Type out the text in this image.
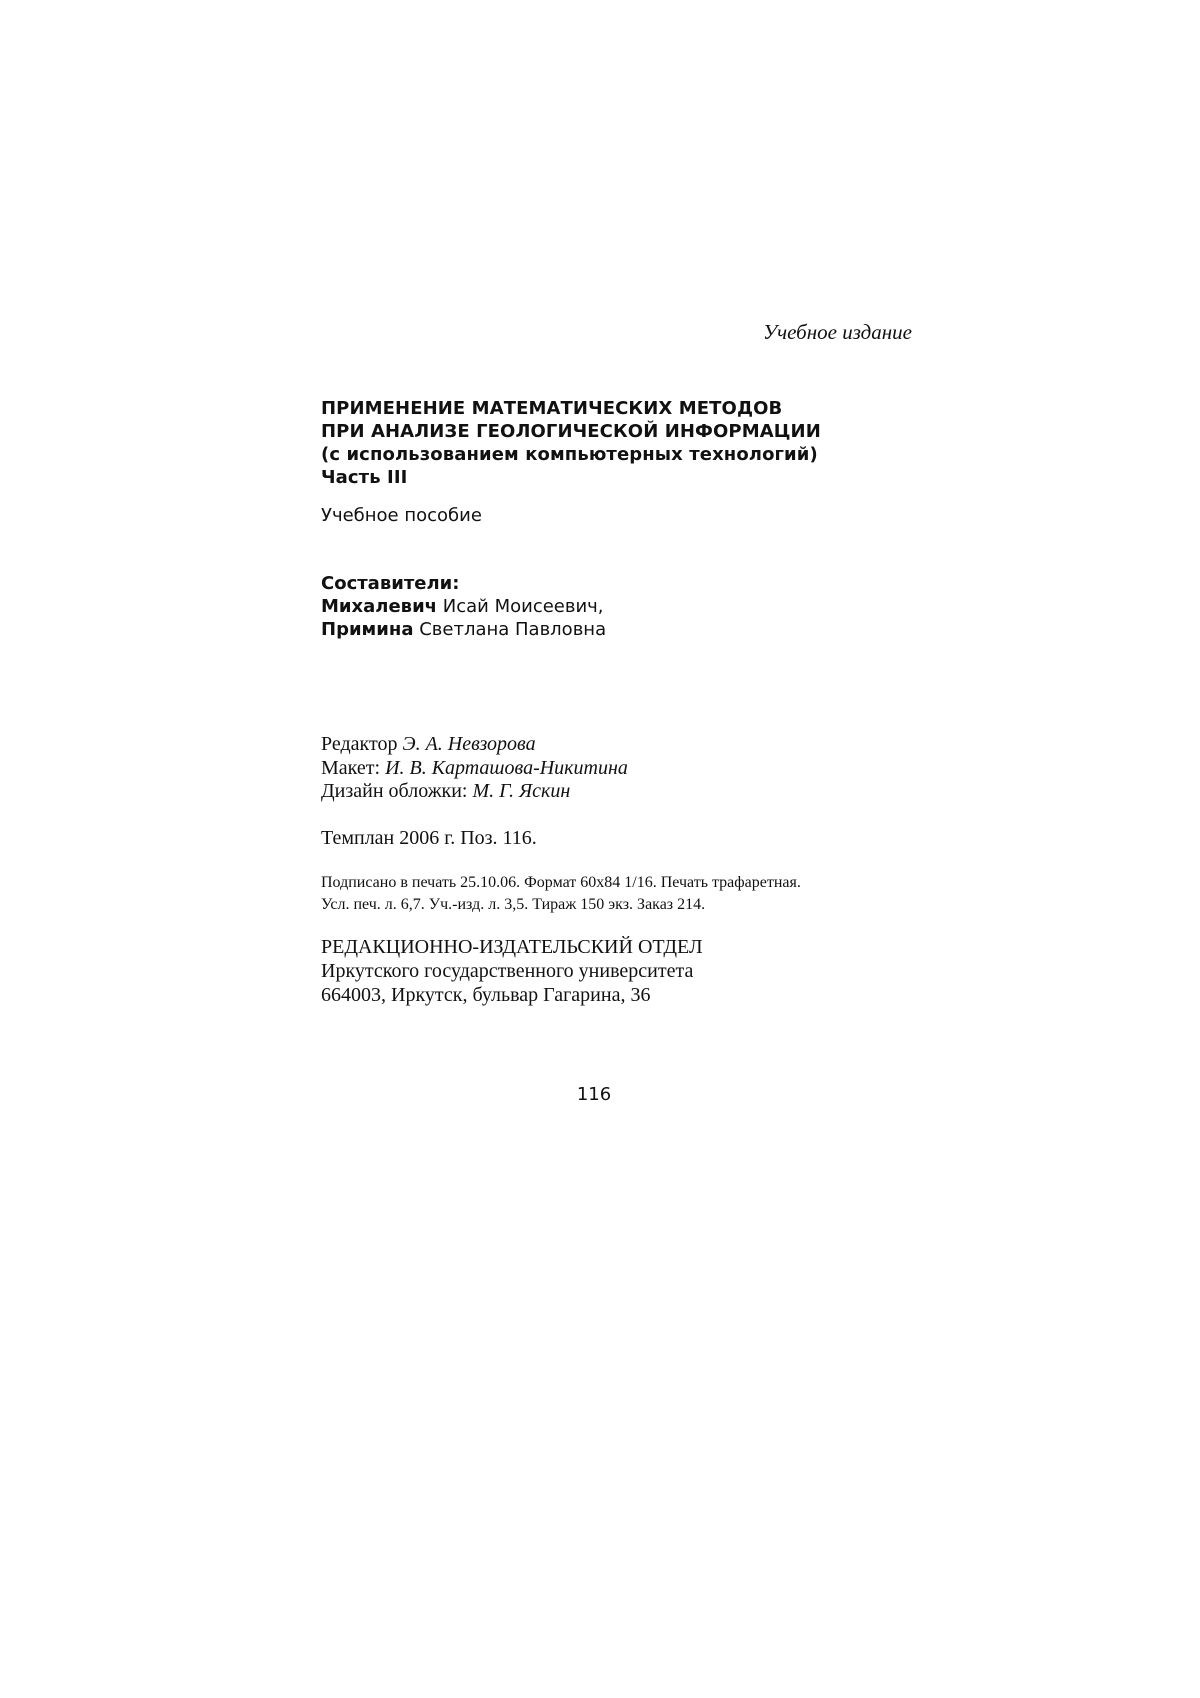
Учебное издание
ПРИМЕНЕНИЕ МАТЕМАТИЧЕСКИХ МЕТОДОВ
ПРИ АНАЛИЗЕ ГЕОЛОГИЧЕСКОЙ ИНФОРМАЦИИ
(с использованием компьютерных технологий)
Часть III
Учебное пособие
Составители:
Михалевич Исай Моисеевич,
Примина Светлана Павловна
Редактор Э. А. Невзорова
Макет: И. В. Карташова-Никитина
Дизайн обложки: М. Г. Яскин
Темплан 2006 г. Поз. 116.
Подписано в печать 25.10.06. Формат 60х84 1/16. Печать трафаретная.
Усл. печ. л. 6,7. Уч.-изд. л. 3,5. Тираж 150 экз. Заказ 214.
РЕДАКЦИОННО-ИЗДАТЕЛЬСКИЙ ОТДЕЛ
Иркутского государственного университета
664003, Иркутск, бульвар Гагарина, 36
116
